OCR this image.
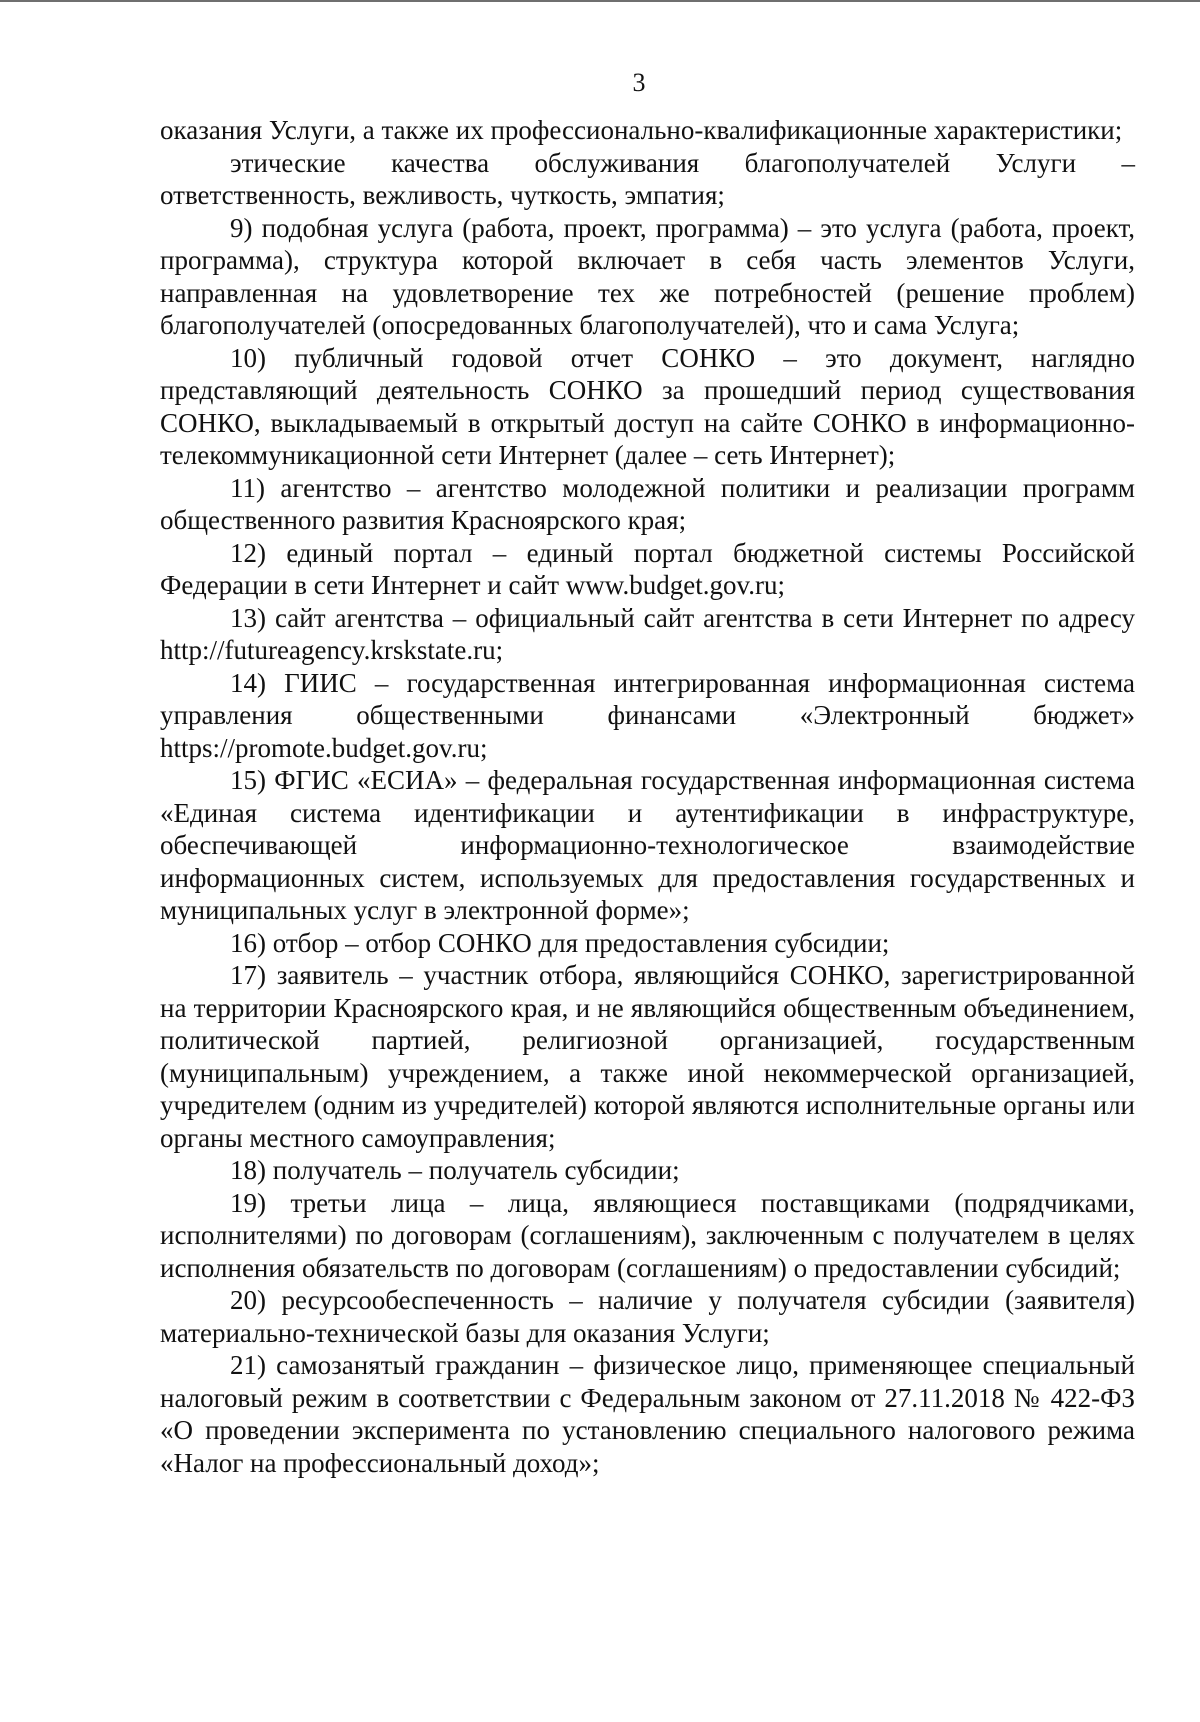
3

оказания Услуги, а также их профессионально-квалификационные характеристики;

этические качества обслуживания благополучателей Услуги – ответственность, вежливость, чуткость, эмпатия;

9) подобная услуга (работа, проект, программа) – это услуга (работа, проект, программа), структура которой включает в себя часть элементов Услуги, направленная на удовлетворение тех же потребностей (решение проблем) благополучателей (опосредованных благополучателей), что и сама Услуга;

10) публичный годовой отчет СОНКО – это документ, наглядно представляющий деятельность СОНКО за прошедший период существования СОНКО, выкладываемый в открытый доступ на сайте СОНКО в информационно-телекоммуникационной сети Интернет (далее – сеть Интернет);

11) агентство – агентство молодежной политики и реализации программ общественного развития Красноярского края;

12) единый портал – единый портал бюджетной системы Российской Федерации в сети Интернет и сайт www.budget.gov.ru;

13) сайт агентства – официальный сайт агентства в сети Интернет по адресу http://futureagency.krskstate.ru;

14) ГИИС – государственная интегрированная информационная система управления общественными финансами «Электронный бюджет» https://promote.budget.gov.ru;

15) ФГИС «ЕСИА» – федеральная государственная информационная система «Единая система идентификации и аутентификации в инфраструктуре, обеспечивающей информационно-технологическое взаимодействие информационных систем, используемых для предоставления государственных и муниципальных услуг в электронной форме»;

16) отбор – отбор СОНКО для предоставления субсидии;

17) заявитель – участник отбора, являющийся СОНКО, зарегистрированной на территории Красноярского края, и не являющийся общественным объединением, политической партией, религиозной организацией, государственным (муниципальным) учреждением, а также иной некоммерческой организацией, учредителем (одним из учредителей) которой являются исполнительные органы или органы местного самоуправления;

18) получатель – получатель субсидии;

19) третьи лица – лица, являющиеся поставщиками (подрядчиками, исполнителями) по договорам (соглашениям), заключенным с получателем в целях исполнения обязательств по договорам (соглашениям) о предоставлении субсидий;

20) ресурсообеспеченность – наличие у получателя субсидии (заявителя) материально-технической базы для оказания Услуги;

21) самозанятый гражданин – физическое лицо, применяющее специальный налоговый режим в соответствии с Федеральным законом от 27.11.2018 № 422-ФЗ «О проведении эксперимента по установлению специального налогового режима «Налог на профессиональный доход»;
